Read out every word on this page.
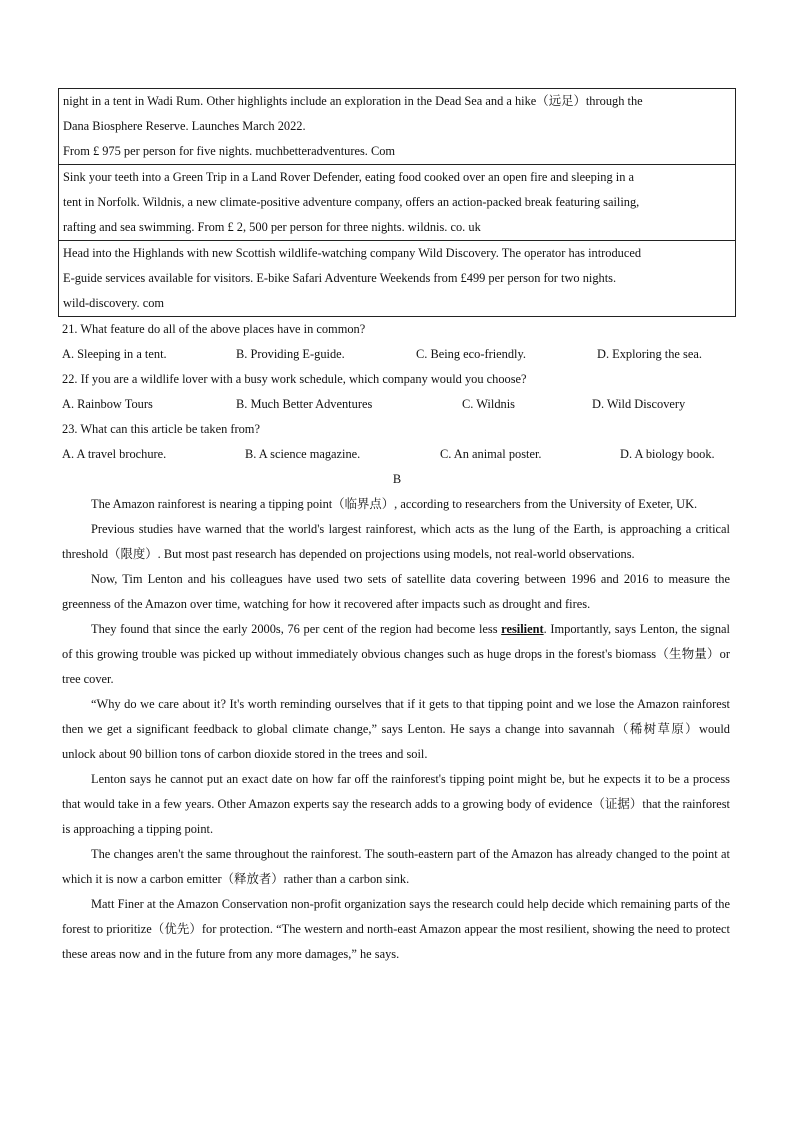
night in a tent in Wadi Rum. Other highlights include an exploration in the Dead Sea and a hike（远足）through the
Dana Biosphere Reserve. Launches March 2022.
From £ 975 per person for five nights. muchbetteradventures. Com
Sink your teeth into a Green Trip in a Land Rover Defender, eating food cooked over an open fire and sleeping in a
tent in Norfolk. Wildnis, a new climate-positive adventure company, offers an action-packed break featuring sailing,
rafting and sea swimming. From £ 2, 500 per person for three nights. wildnis. co. uk
Head into the Highlands with new Scottish wildlife-watching company Wild Discovery. The operator has introduced
E-guide services available for visitors. E-bike Safari Adventure Weekends from £499 per person for two nights.
wild-discovery. com
21. What feature do all of the above places have in common?
A. Sleeping in a tent.	B. Providing E-guide.	C. Being eco-friendly.	D. Exploring the sea.
22. If you are a wildlife lover with a busy work schedule, which company would you choose?
A. Rainbow Tours	B. Much Better Adventures	C. Wildnis	D. Wild Discovery
23. What can this article be taken from?
A. A travel brochure.	B. A science magazine.	C. An animal poster.	D. A biology book.
B

The Amazon rainforest is nearing a tipping point（临界点）, according to researchers from the University of Exeter, UK.

Previous studies have warned that the world's largest rainforest, which acts as the lung of the Earth, is approaching a critical threshold（限度）. But most past research has depended on projections using models, not real-world observations.

Now, Tim Lenton and his colleagues have used two sets of satellite data covering between 1996 and 2016 to measure the greenness of the Amazon over time, watching for how it recovered after impacts such as drought and fires.

They found that since the early 2000s, 76 per cent of the region had become less resilient. Importantly, says Lenton, the signal of this growing trouble was picked up without immediately obvious changes such as huge drops in the forest's biomass（生物量）or tree cover.

“Why do we care about it? It's worth reminding ourselves that if it gets to that tipping point and we lose the Amazon rainforest then we get a significant feedback to global climate change,” says Lenton. He says a change into savannah（稀树草原）would unlock about 90 billion tons of carbon dioxide stored in the trees and soil.

Lenton says he cannot put an exact date on how far off the rainforest's tipping point might be, but he expects it to be a process that would take in a few years. Other Amazon experts say the research adds to a growing body of evidence（证据）that the rainforest is approaching a tipping point.

The changes aren't the same throughout the rainforest. The south-eastern part of the Amazon has already changed to the point at which it is now a carbon emitter（释放者）rather than a carbon sink.

Matt Finer at the Amazon Conservation non-profit organization says the research could help decide which remaining parts of the forest to prioritize（优先）for protection. “The western and north-east Amazon appear the most resilient, showing the need to protect these areas now and in the future from any more damages,” he says.
